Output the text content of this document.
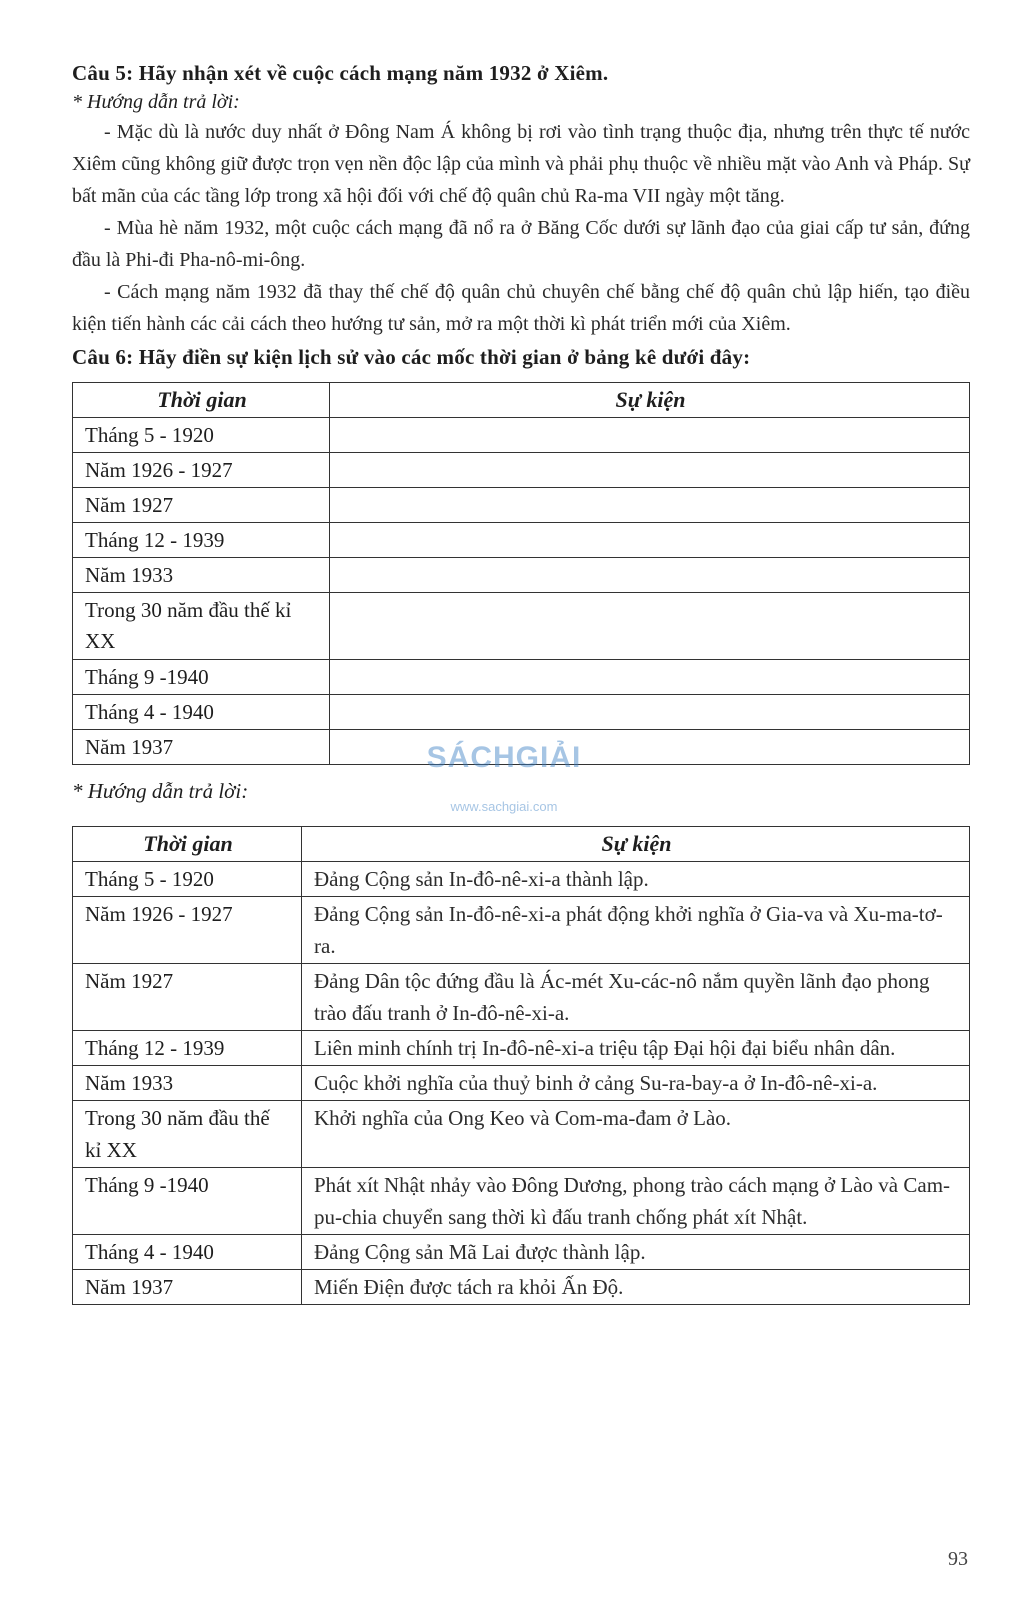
Câu 5: Hãy nhận xét về cuộc cách mạng năm 1932 ở Xiêm.

* Hướng dẫn trả lời:

- Mặc dù là nước duy nhất ở Đông Nam Á không bị rơi vào tình trạng thuộc địa, nhưng trên thực tế nước Xiêm cũng không giữ được trọn vẹn nền độc lập của mình và phải phụ thuộc về nhiều mặt vào Anh và Pháp. Sự bất mãn của các tầng lớp trong xã hội đối với chế độ quân chủ Ra-ma VII ngày một tăng.

- Mùa hè năm 1932, một cuộc cách mạng đã nổ ra ở Băng Cốc dưới sự lãnh đạo của giai cấp tư sản, đứng đầu là Phi-đi Pha-nô-mi-ông.

- Cách mạng năm 1932 đã thay thế chế độ quân chủ chuyên chế bằng chế độ quân chủ lập hiến, tạo điều kiện tiến hành các cải cách theo hướng tư sản, mở ra một thời kì phát triển mới của Xiêm.

Câu 6: Hãy điền sự kiện lịch sử vào các mốc thời gian ở bảng kê dưới đây:

Thời gian	Sự kiện
Tháng 5 - 1920	
Năm 1926 - 1927	
Năm 1927	
Tháng 12 - 1939	
Năm 1933	
Trong 30 năm đầu thế kỉ XX	
Tháng 9 -1940	
Tháng 4 - 1940	
Năm 1937	

* Hướng dẫn trả lời:

Thời gian	Sự kiện
Tháng 5 - 1920	Đảng Cộng sản In-đô-nê-xi-a thành lập.
Năm 1926 - 1927	Đảng Cộng sản In-đô-nê-xi-a phát động khởi nghĩa ở Gia-va và Xu-ma-tơ-ra.
Năm 1927	Đảng Dân tộc đứng đầu là Ác-mét Xu-các-nô nắm quyền lãnh đạo phong trào đấu tranh ở In-đô-nê-xi-a.
Tháng 12 - 1939	Liên minh chính trị In-đô-nê-xi-a triệu tập Đại hội đại biểu nhân dân.
Năm 1933	Cuộc khởi nghĩa của thuỷ binh ở cảng Su-ra-bay-a ở In-đô-nê-xi-a.
Trong 30 năm đầu thế kỉ XX	Khởi nghĩa của Ong Keo và Com-ma-đam ở Lào.
Tháng 9 -1940	Phát xít Nhật nhảy vào Đông Dương, phong trào cách mạng ở Lào và Cam-pu-chia chuyển sang thời kì đấu tranh chống phát xít Nhật.
Tháng 4 - 1940	Đảng Cộng sản Mã Lai được thành lập.
Năm 1937	Miến Điện được tách ra khỏi Ấn Độ.
SÁCHGIẢI
www.sachgiai.com
93
